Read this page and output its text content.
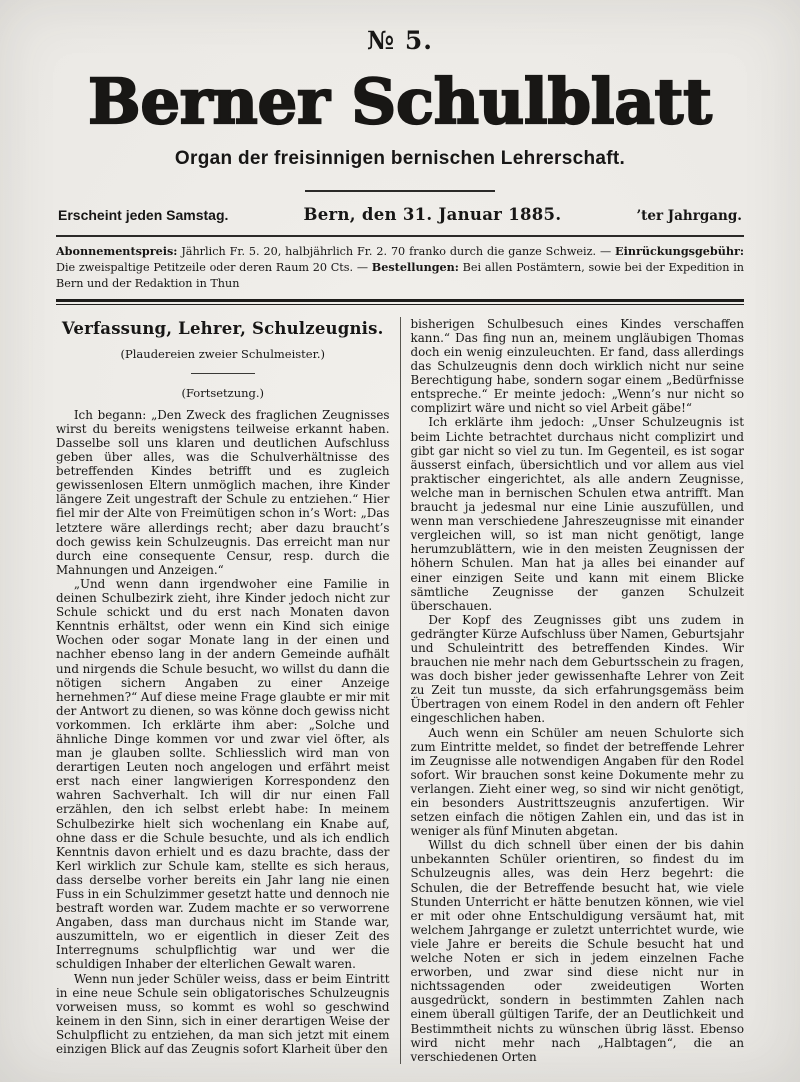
№ 5.
Berner Schulblatt
Organ der freisinnigen bernischen Lehrerschaft.
Erscheint jeden Samstag.	Bern, den 31. Januar 1885.	’ter Jahrgang.

Abonnementspreis: Jährlich Fr. 5. 20, halbjährlich Fr. 2. 70 franko durch die ganze Schweiz. — Einrückungsgebühr: Die zweispaltige Petitzeile oder deren Raum 20 Cts. — Bestellungen: Bei allen Postämtern, sowie bei der Expedition in Bern und der Redaktion in Thun

Verfassung, Lehrer, Schulzeugnis.
(Plaudereien zweier Schulmeister.)
(Fortsetzung.)

Ich begann: „Den Zweck des fraglichen Zeugnisses wirst du bereits wenigstens teilweise erkannt haben. Dasselbe soll uns klaren und deutlichen Aufschluss geben über alles, was die Schulverhältnisse des betreffenden Kindes betrifft und es zugleich gewissenlosen Eltern unmöglich machen, ihre Kinder längere Zeit ungestraft der Schule zu entziehen.“ Hier fiel mir der Alte von Freimütigen schon in’s Wort: „Das letztere wäre allerdings recht; aber dazu braucht’s doch gewiss kein Schulzeugnis. Das erreicht man nur durch eine consequente Censur, resp. durch die Mahnungen und Anzeigen.“

„Und wenn dann irgendwoher eine Familie in deinen Schulbezirk zieht, ihre Kinder jedoch nicht zur Schule schickt und du erst nach Monaten davon Kenntnis erhältst, oder wenn ein Kind sich einige Wochen oder sogar Monate lang in der einen und nachher ebenso lang in der andern Gemeinde aufhält und nirgends die Schule besucht, wo willst du dann die nötigen sichern Angaben zu einer Anzeige hernehmen?“ Auf diese meine Frage glaubte er mir mit der Antwort zu dienen, so was könne doch gewiss nicht vorkommen. Ich erklärte ihm aber: „Solche und ähnliche Dinge kommen vor und zwar viel öfter, als man je glauben sollte. Schliesslich wird man von derartigen Leuten noch angelogen und erfährt meist erst nach einer langwierigen Korrespondenz den wahren Sachverhalt. Ich will dir nur einen Fall erzählen, den ich selbst erlebt habe: In meinem Schulbezirke hielt sich wochenlang ein Knabe auf, ohne dass er die Schule besuchte, und als ich endlich Kenntnis davon erhielt und es dazu brachte, dass der Kerl wirklich zur Schule kam, stellte es sich heraus, dass derselbe vorher bereits ein Jahr lang nie einen Fuss in ein Schulzimmer gesetzt hatte und dennoch nie bestraft worden war. Zudem machte er so verworrene Angaben, dass man durchaus nicht im Stande war, auszumitteln, wo er eigentlich in dieser Zeit des Interregnums schulpflichtig war und wer die schuldigen Inhaber der elterlichen Gewalt waren.

Wenn nun jeder Schüler weiss, dass er beim Eintritt in eine neue Schule sein obligatorisches Schulzeugnis vorweisen muss, so kommt es wohl so geschwind keinem in den Sinn, sich in einer derartigen Weise der Schulpflicht zu entziehen, da man sich jetzt mit einem einzigen Blick auf das Zeugnis sofort Klarheit über den

bisherigen Schulbesuch eines Kindes verschaffen kann.“ Das fing nun an, meinem ungläubigen Thomas doch ein wenig einzuleuchten. Er fand, dass allerdings das Schulzeugnis denn doch wirklich nicht nur seine Berechtigung habe, sondern sogar einem „Bedürfnisse entspreche.“ Er meinte jedoch: „Wenn’s nur nicht so complizirt wäre und nicht so viel Arbeit gäbe!“

Ich erklärte ihm jedoch: „Unser Schulzeugnis ist beim Lichte betrachtet durchaus nicht complizirt und gibt gar nicht so viel zu tun. Im Gegenteil, es ist sogar äusserst einfach, übersichtlich und vor allem aus viel praktischer eingerichtet, als alle andern Zeugnisse, welche man in bernischen Schulen etwa antrifft. Man braucht ja jedesmal nur eine Linie auszufüllen, und wenn man verschiedene Jahreszeugnisse mit einander vergleichen will, so ist man nicht genötigt, lange herumzublättern, wie in den meisten Zeugnissen der höhern Schulen. Man hat ja alles bei einander auf einer einzigen Seite und kann mit einem Blicke sämtliche Zeugnisse der ganzen Schulzeit überschauen.

Der Kopf des Zeugnisses gibt uns zudem in gedrängter Kürze Aufschluss über Namen, Geburtsjahr und Schuleintritt des betreffenden Kindes. Wir brauchen nie mehr nach dem Geburtsschein zu fragen, was doch bisher jeder gewissenhafte Lehrer von Zeit zu Zeit tun musste, da sich erfahrungsgemäss beim Übertragen von einem Rodel in den andern oft Fehler eingeschlichen haben.

Auch wenn ein Schüler am neuen Schulorte sich zum Eintritte meldet, so findet der betreffende Lehrer im Zeugnisse alle notwendigen Angaben für den Rodel sofort. Wir brauchen sonst keine Dokumente mehr zu verlangen. Zieht einer weg, so sind wir nicht genötigt, ein besonders Austrittszeugnis anzufertigen. Wir setzen einfach die nötigen Zahlen ein, und das ist in weniger als fünf Minuten abgetan.

Willst du dich schnell über einen der bis dahin unbekannten Schüler orientiren, so findest du im Schulzeugnis alles, was dein Herz begehrt: die Schulen, die der Betreffende besucht hat, wie viele Stunden Unterricht er hätte benutzen können, wie viel er mit oder ohne Entschuldigung versäumt hat, mit welchem Jahrgange er zuletzt unterrichtet wurde, wie viele Jahre er bereits die Schule besucht hat und welche Noten er sich in jedem einzelnen Fache erworben, und zwar sind diese nicht nur in nichtssagenden oder zweideutigen Worten ausgedrückt, sondern in bestimmten Zahlen nach einem überall gültigen Tarife, der an Deutlichkeit und Bestimmtheit nichts zu wünschen übrig lässt. Ebenso wird nicht mehr nach „Halbtagen“, die an verschiedenen Orten
